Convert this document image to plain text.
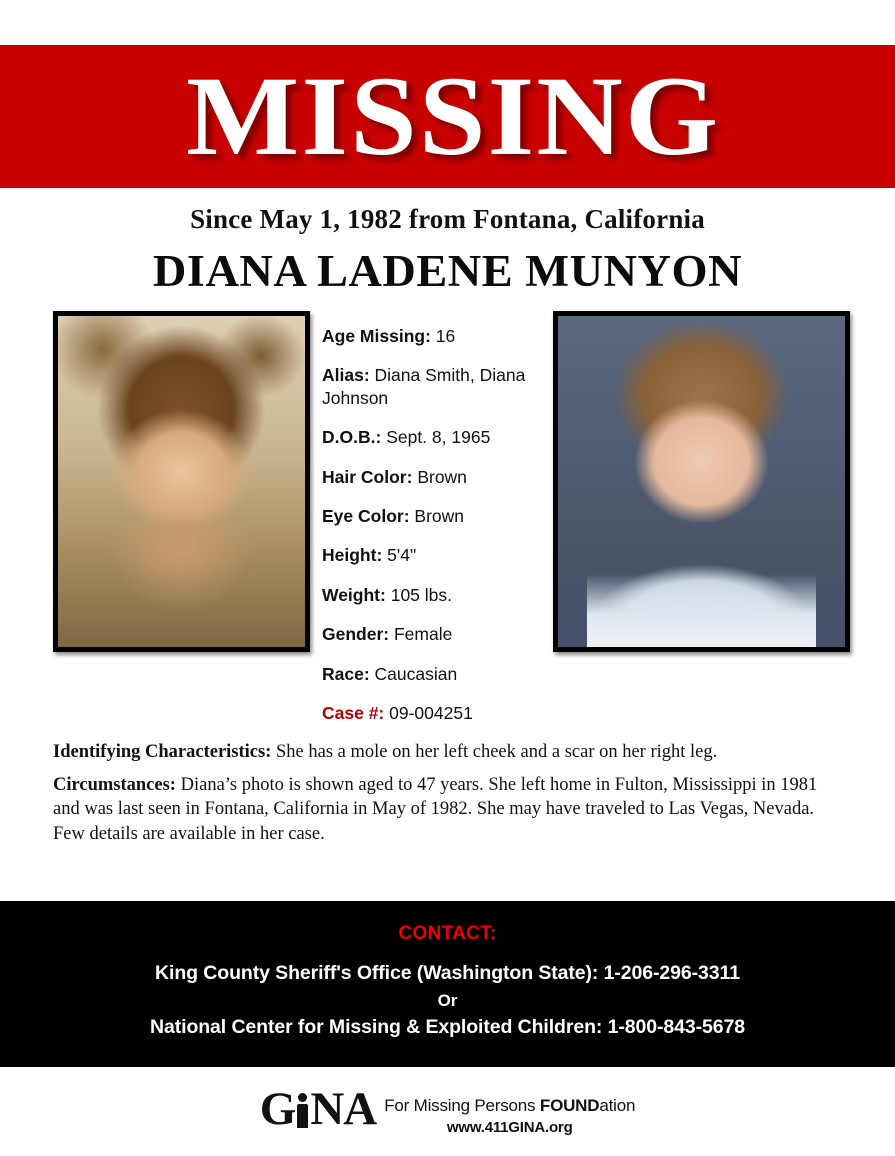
MISSING
Since May 1, 1982 from Fontana, California
DIANA LADENE MUNYON
Age Missing: 16
Alias: Diana Smith, Diana Johnson
D.O.B.: Sept. 8, 1965
Hair Color: Brown
Eye Color: Brown
Height: 5'4"
Weight: 105 lbs.
Gender: Female
Race: Caucasian
Case #: 09-004251
Identifying Characteristics: She has a mole on her left cheek and a scar on her right leg.
Circumstances: Diana’s photo is shown aged to 47 years. She left home in Fulton, Mississippi in 1981 and was last seen in Fontana, California in May of 1982. She may have traveled to Las Vegas, Nevada. Few details are available in her case.
CONTACT:
King County Sheriff's Office (Washington State): 1-206-296-3311
Or
National Center for Missing & Exploited Children: 1-800-843-5678
G NA For Missing Persons FOUNDation
www.411GINA.org
